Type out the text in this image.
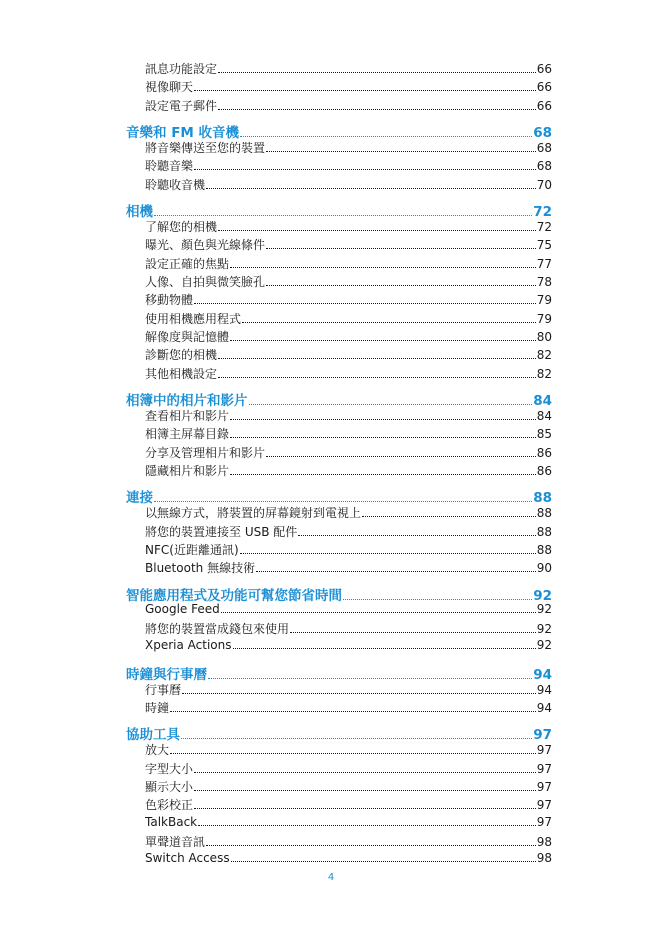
訊息功能設定	66
視像聊天	66
設定電子郵件	66
音樂和 FM 收音機	68
將音樂傳送至您的裝置	68
聆聽音樂	68
聆聽收音機	70
相機	72
了解您的相機	72
曝光、顏色與光線條件	75
設定正確的焦點	77
人像、自拍與微笑臉孔	78
移動物體	79
使用相機應用程式	79
解像度與記憶體	80
診斷您的相機	82
其他相機設定	82
相簿中的相片和影片	84
查看相片和影片	84
相簿主屏幕目錄	85
分享及管理相片和影片	86
隱藏相片和影片	86
連接	88
以無線方式，將裝置的屏幕鏡射到電視上	88
將您的裝置連接至 USB 配件	88
NFC(近距離通訊)	88
Bluetooth 無線技術	90
智能應用程式及功能可幫您節省時間	92
Google Feed	92
將您的裝置當成錢包來使用	92
Xperia Actions	92
時鐘與行事曆	94
行事曆	94
時鐘	94
協助工具	97
放大	97
字型大小	97
顯示大小	97
色彩校正	97
TalkBack	97
單聲道音訊	98
Switch Access	98
4
